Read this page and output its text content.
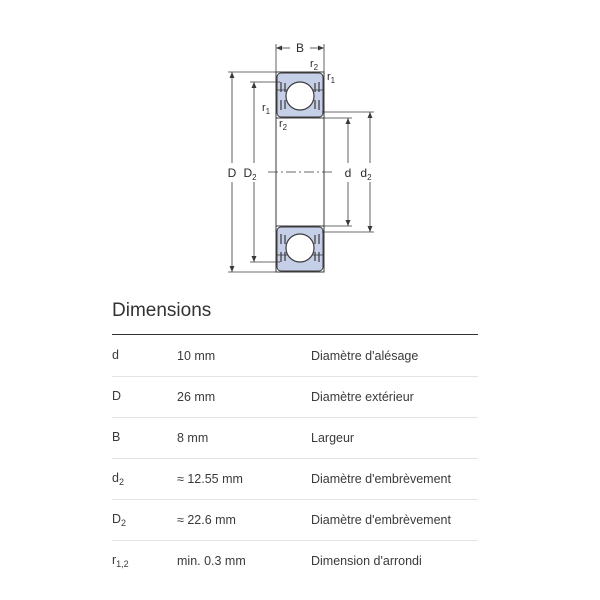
B
D $D_2$	d $d_2$
$r_2$
$r_1$
$r_1$
$r_2$
Dimensions
d	10 mm	Diamètre d'alésage
D	26 mm	Diamètre extérieur
B	8 mm	Largeur
$d_2$	≈ 12.55 mm	Diamètre d'embrèvement
$D_2$	≈ 22.6 mm	Diamètre d'embrèvement
$r_{1,2}$	min. 0.3 mm	Dimension d'arrondi
